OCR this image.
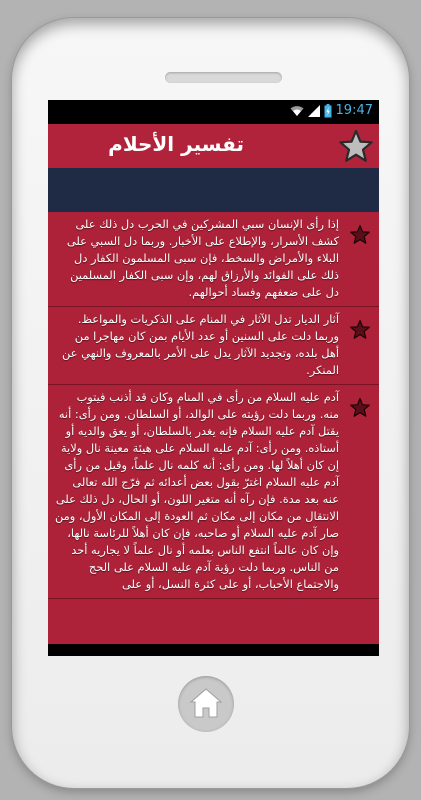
19:47
تفسير الأحلام
إذا رأى الإنسان سبي المشركين في الحرب دل ذلك على كشف الأسرار، والإطلاع على الأخبار. وربما دل السبي على البلاء والأمراض والسخط، فإن سبى المسلمون الكفار دل ذلك على الفوائد والأرزاق لهم، وإن سبى الكفار المسلمين دل على ضعفهم وفساد أحوالهم.
آثار الديار تدل الآثار في المنام على الذكريات والمواعظ. وربما دلت على السنين أو عدد الأيام بمن كان مهاجرا من أهل بلده، وتجديد الآثار يدل على الأمر بالمعروف والنهي عن المنكر.
آدم عليه السلام من رأى في المنام وكان قد أذنب فيتوب منه. وربما دلت رؤيته على الوالد، أو السلطان. ومن رأى: أنه يقتل آدم عليه السلام فإنه يغدر بالسلطان، أو يعق والديه أو أستاذه. ومن رأى: آدم عليه السلام على هيئة معينة نال ولاية إن كان أهلاً لها. ومن رأى: أنه كلمه نال علماً، وقيل من رأى آدم عليه السلام اغترّ بقول بعض أعدائه ثم فرّج الله تعالى عنه بعد مدة. فإن رآه أنه متغير اللون، أو الحال، دل ذلك على الانتقال من مكان إلى مكان ثم العودة إلى المكان الأول، ومن صار آدم عليه السلام أو صاحبه، فإن كان أهلاً للرئاسة نالها، وإن كان عالماً انتفع الناس بعلمه أو نال علماً لا يجاريه أحد من الناس. وربما دلت رؤية آدم عليه السلام على الحج والاجتماع الأحباب، أو على كثرة النسل، أو على
